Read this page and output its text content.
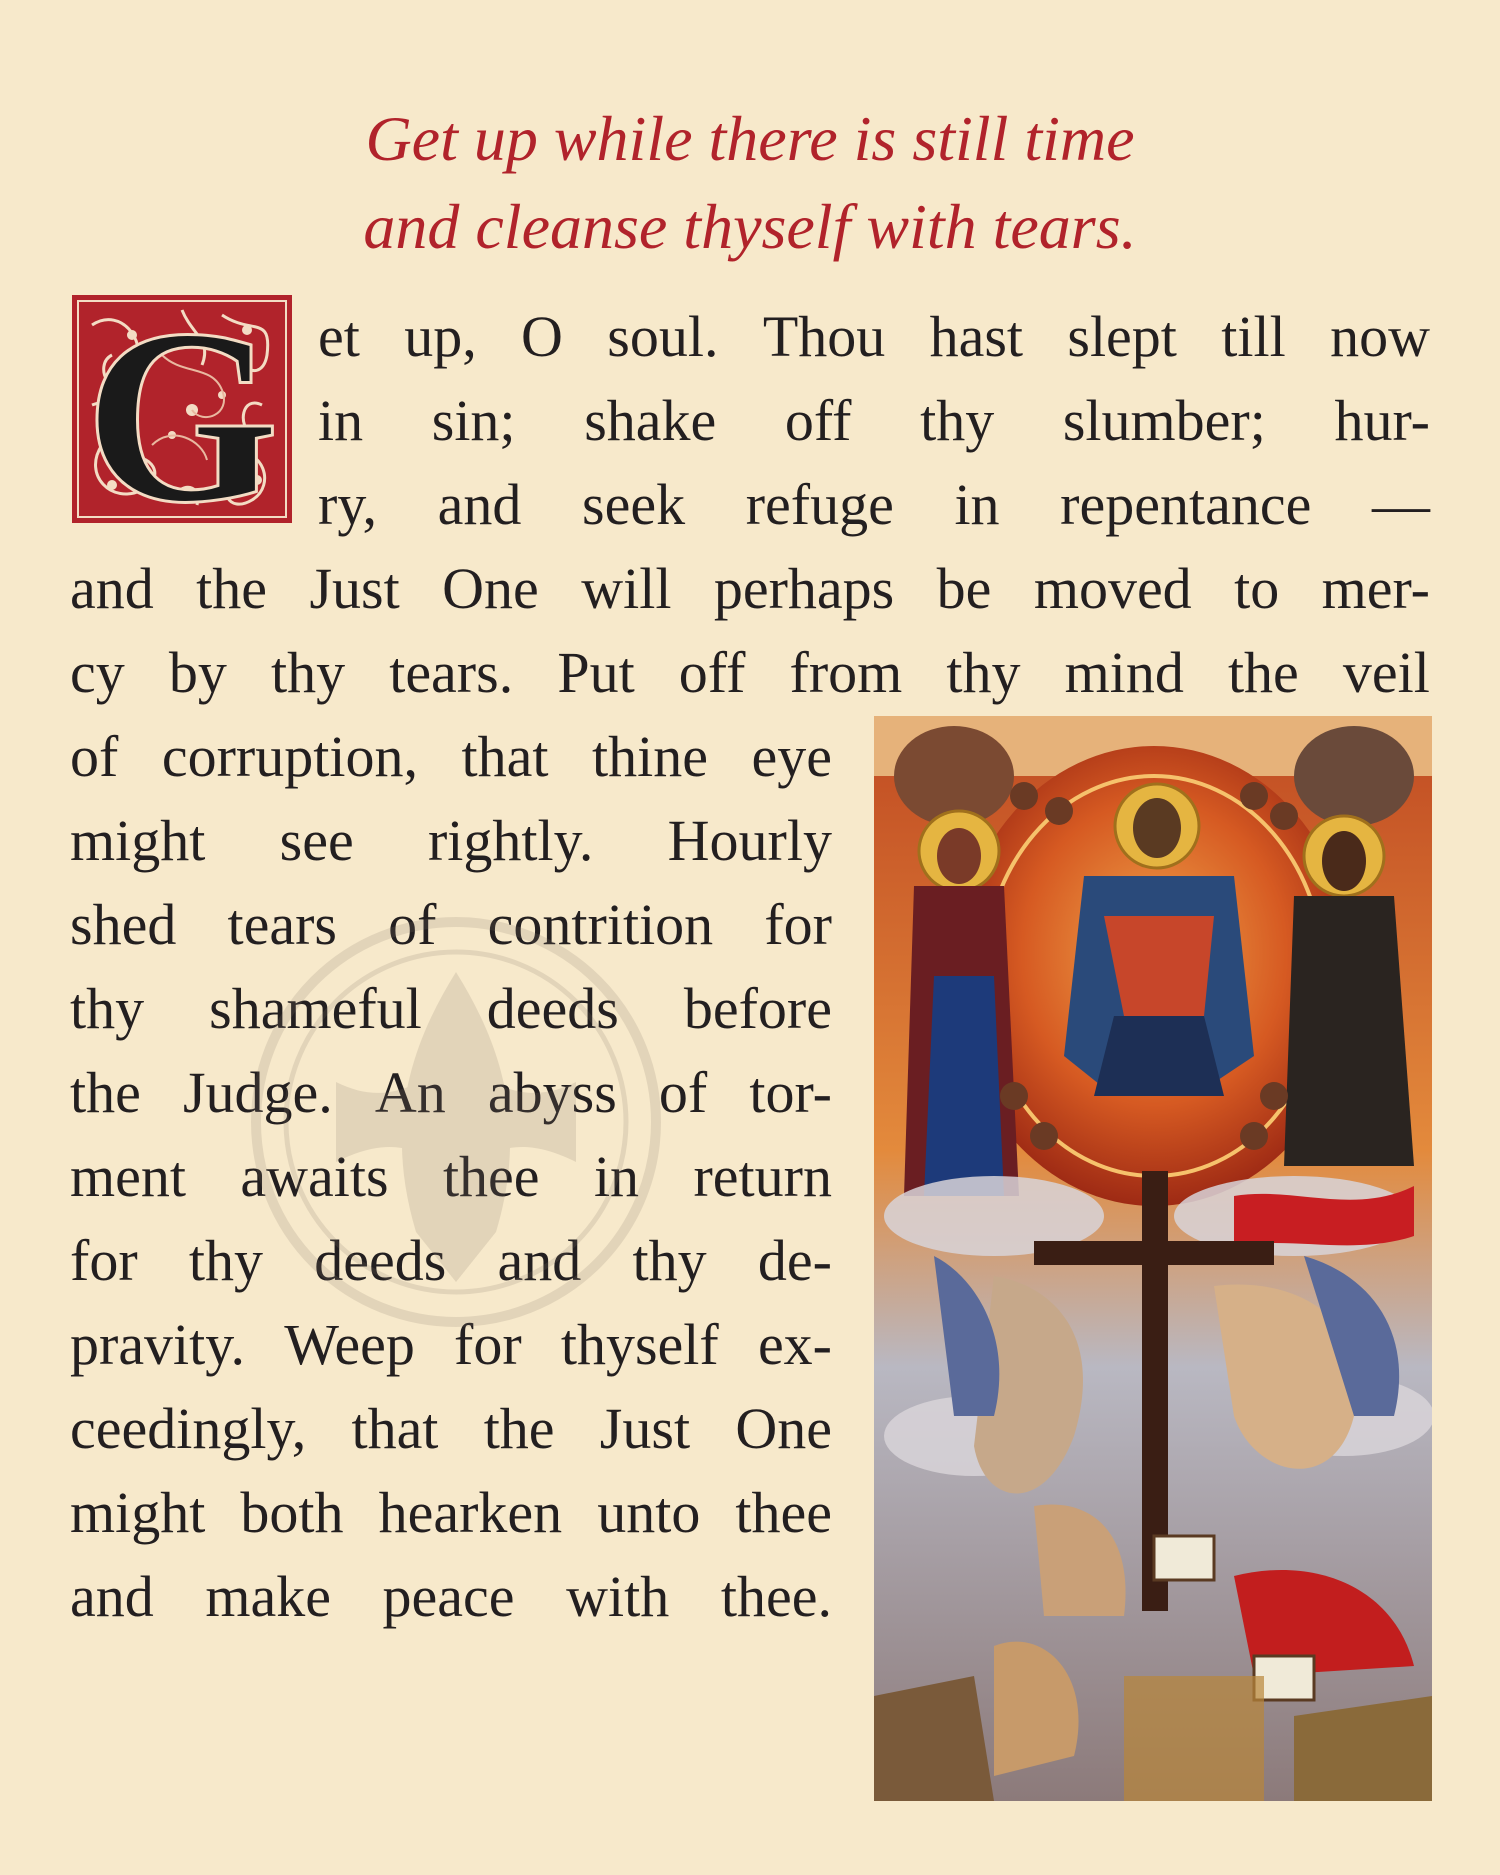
Get up while there is still time
and cleanse thyself with tears.
G et up, O soul. Thou hast slept till now
in sin; shake off thy slumber; hur-
ry, and seek refuge in repentance —
and the Just One will perhaps be moved to mer-
cy by thy tears. Put off from thy mind the veil
of corruption, that thine eye
might see rightly. Hourly
shed tears of contrition for
thy shameful deeds before
the Judge. An abyss of tor-
ment awaits thee in return
for thy deeds and thy de-
pravity. Weep for thyself ex-
ceedingly, that the Just One
might both hearken unto thee
and make peace with thee.
